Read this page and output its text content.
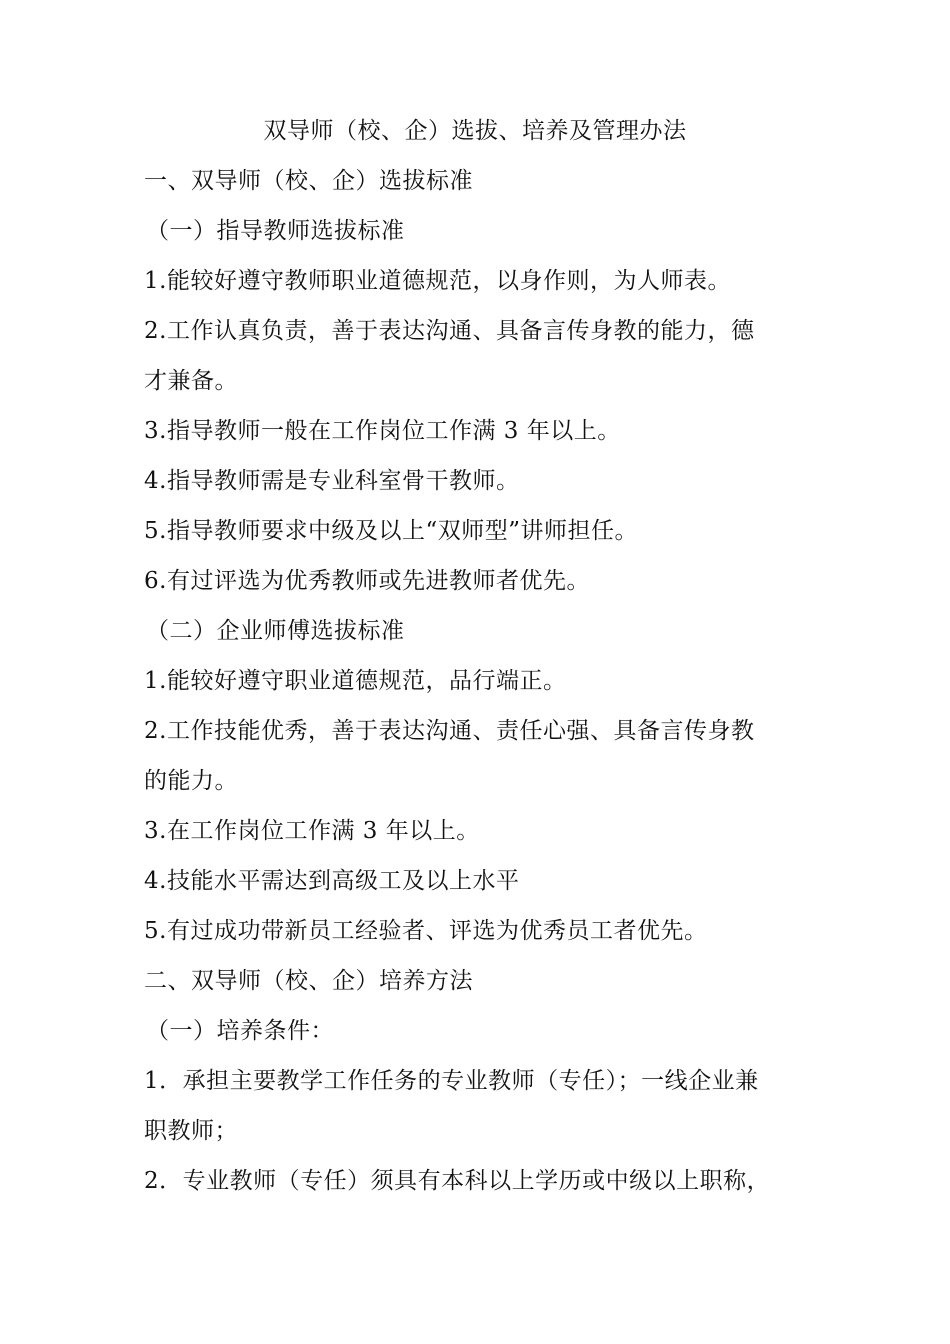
双导师（校、企）选拔、培养及管理办法
一、双导师（校、企）选拔标准
（一）指导教师选拔标准
1.能较好遵守教师职业道德规范，以身作则，为人师表。
2.工作认真负责，善于表达沟通、具备言传身教的能力，德
才兼备。
3.指导教师一般在工作岗位工作满 3 年以上。
4.指导教师需是专业科室骨干教师。
5.指导教师要求中级及以上“双师型”讲师担任。
6.有过评选为优秀教师或先进教师者优先。
（二）企业师傅选拔标准
1.能较好遵守职业道德规范，品行端正。
2.工作技能优秀，善于表达沟通、责任心强、具备言传身教
的能力。
3.在工作岗位工作满 3 年以上。
4.技能水平需达到高级工及以上水平
5.有过成功带新员工经验者、评选为优秀员工者优先。
二、双导师（校、企）培养方法
（一）培养条件：
1．承担主要教学工作任务的专业教师（专任）；一线企业兼
职教师；
2．专业教师（专任）须具有本科以上学历或中级以上职称，
